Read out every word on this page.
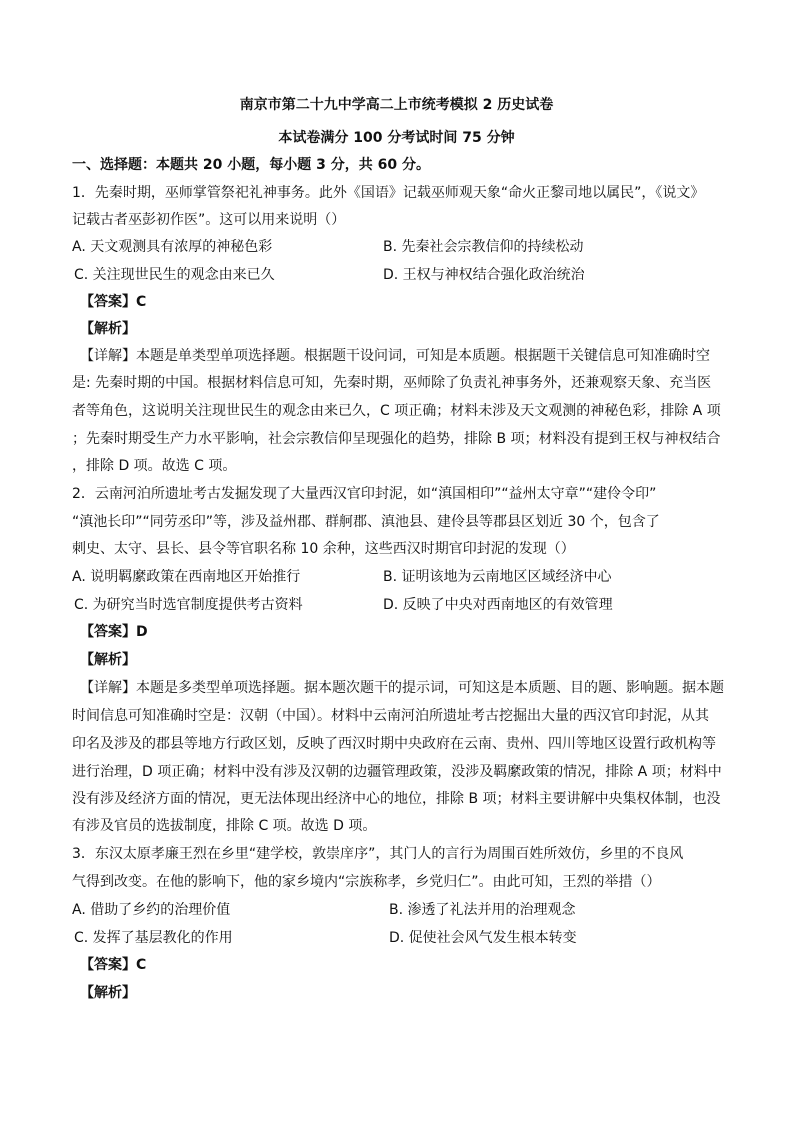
南京市第二十九中学高二上市统考模拟 2 历史试卷
本试卷满分 100 分考试时间 75 分钟
一、选择题：本题共 20 小题，每小题 3 分，共 60 分。
1．先秦时期，巫师掌管祭祀礼神事务。此外《国语》记载巫师观天象“命火正黎司地以属民”，《说文》
记载古者巫彭初作医”。这可以用来说明（）
A. 天文观测具有浓厚的神秘色彩	B. 先秦社会宗教信仰的持续松动
C. 关注现世民生的观念由来已久	D. 王权与神权结合强化政治统治
【答案】C
【解析】
【详解】本题是单类型单项选择题。根据题干设问词，可知是本质题。根据题干关键信息可知准确时空
是: 先秦时期的中国。根据材料信息可知，先秦时期，巫师除了负责礼神事务外，还兼观察天象、充当医
者等角色，这说明关注现世民生的观念由来已久，C 项正确；材料未涉及天文观测的神秘色彩，排除 A 项
；先秦时期受生产力水平影响，社会宗教信仰呈现强化的趋势，排除 B 项；材料没有提到王权与神权结合
，排除 D 项。故选 C 项。
2．云南河泊所遗址考古发掘发现了大量西汉官印封泥，如“滇国相印”“益州太守章”“建伶令印”
“滇池长印”“同劳丞印”等，涉及益州郡、群舸郡、滇池县、建伶县等郡县区划近 30 个，包含了
刺史、太守、县长、县令等官职名称 10 余种，这些西汉时期官印封泥的发现（）
A. 说明羁縻政策在西南地区开始推行	B. 证明该地为云南地区区域经济中心
C. 为研究当时选官制度提供考古资料	D. 反映了中央对西南地区的有效管理
【答案】D
【解析】
【详解】本题是多类型单项选择题。据本题次题干的提示词，可知这是本质题、目的题、影响题。据本题
时间信息可知准确时空是：汉朝（中国）。材料中云南河泊所遗址考古挖掘出大量的西汉官印封泥，从其
印名及涉及的郡县等地方行政区划，反映了西汉时期中央政府在云南、贵州、四川等地区设置行政机构等
进行治理，D 项正确；材料中没有涉及汉朝的边疆管理政策，没涉及羁縻政策的情况，排除 A 项；材料中
没有涉及经济方面的情况，更无法体现出经济中心的地位，排除 B 项；材料主要讲解中央集权体制，也没
有涉及官员的选拔制度，排除 C 项。故选 D 项。
3．东汉太原孝廉王烈在乡里“建学校，敦崇庠序”，其门人的言行为周围百姓所效仿，乡里的不良风
气得到改变。在他的影响下，他的家乡境内“宗族称孝，乡党归仁”。由此可知，王烈的举措（）
A. 借助了乡约的治理价值	B. 渗透了礼法并用的治理观念
C. 发挥了基层教化的作用	D. 促使社会风气发生根本转变
【答案】C
【解析】
